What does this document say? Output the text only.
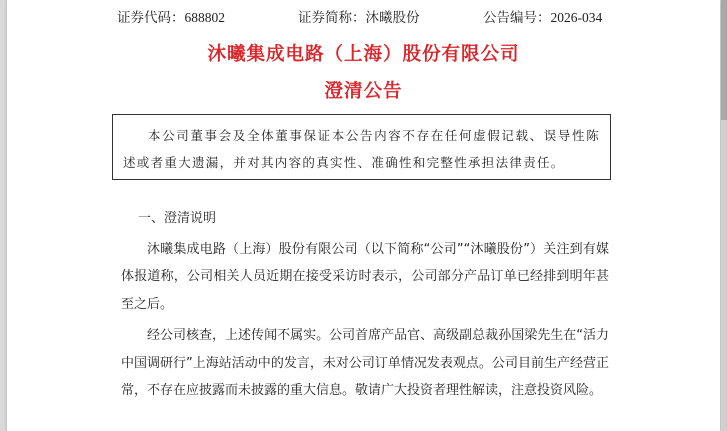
证券代码：688802	证券简称：沐曦股份	公告编号：2026-034
沐曦集成电路（上海）股份有限公司
澄清公告
本公司董事会及全体董事保证本公告内容不存在任何虚假记载、误导性陈述或者重大遗漏，并对其内容的真实性、准确性和完整性承担法律责任。
一、澄清说明

沐曦集成电路（上海）股份有限公司（以下简称“公司”“沐曦股份”）关注到有媒体报道称，公司相关人员近期在接受采访时表示，公司部分产品订单已经排到明年甚至之后。

经公司核查，上述传闻不属实。公司首席产品官、高级副总裁孙国梁先生在“活力中国调研行”上海站活动中的发言，未对公司订单情况发表观点。公司目前生产经营正常，不存在应披露而未披露的重大信息。敬请广大投资者理性解读，注意投资风险。
